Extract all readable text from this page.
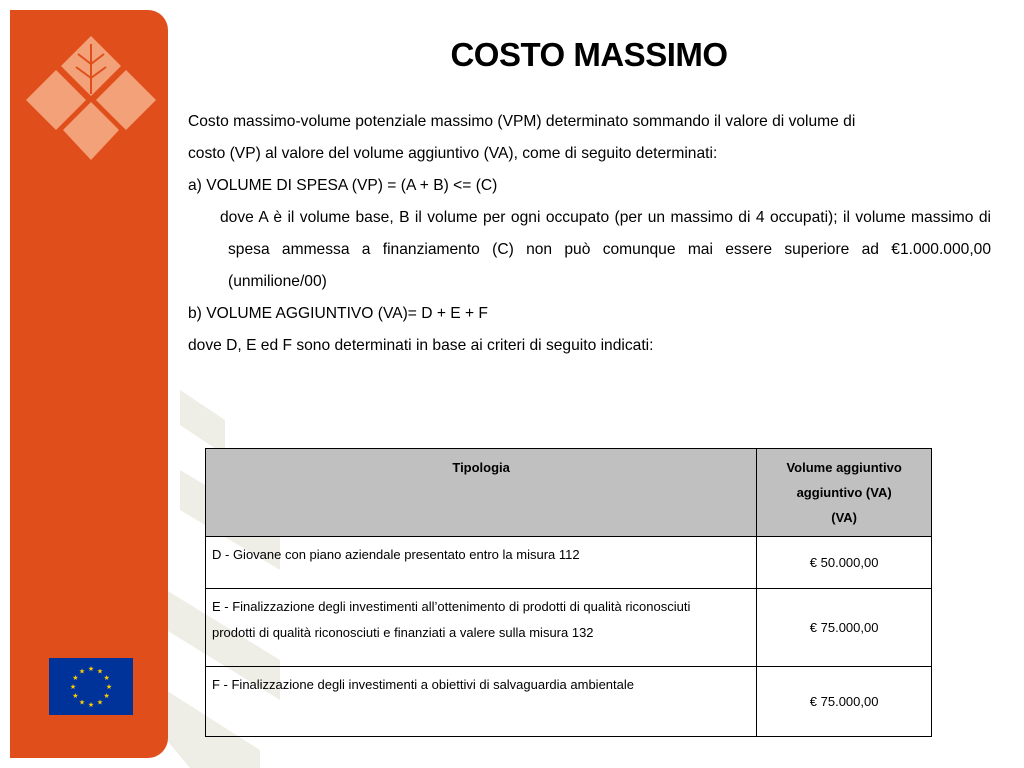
★ ★
★
★
★
★
★
★
★
★
★
★
COSTO MASSIMO

Costo massimo-volume potenziale massimo (VPM) determinato sommando il valore di volume di

costo (VP) al valore del volume aggiuntivo (VA), come di seguito determinati:

a) VOLUME DI SPESA (VP) = (A + B) <= (C)

dove A è il volume base, B il volume per ogni occupato (per un massimo di 4 occupati); il volume massimo di spesa ammessa a finanziamento (C) non può comunque mai essere superiore ad €1.000.000,00 (unmilione/00)

b) VOLUME AGGIUNTIVO (VA)= D + E + F

dove D, E ed F sono determinati in base ai criteri di seguito indicati:

Tipologia	Volume aggiuntivo
aggiuntivo (VA)
(VA)

D - Giovane con piano aziendale presentato entro la misura 112	€ 50.000,00

E - Finalizzazione degli investimenti all’ottenimento di prodotti di qualità riconosciuti
prodotti di qualità riconosciuti e finanziati a valere sulla misura 132	€ 75.000,00
F - Finalizzazione degli investimenti a obiettivi di salvaguardia ambientale	€ 75.000,00
